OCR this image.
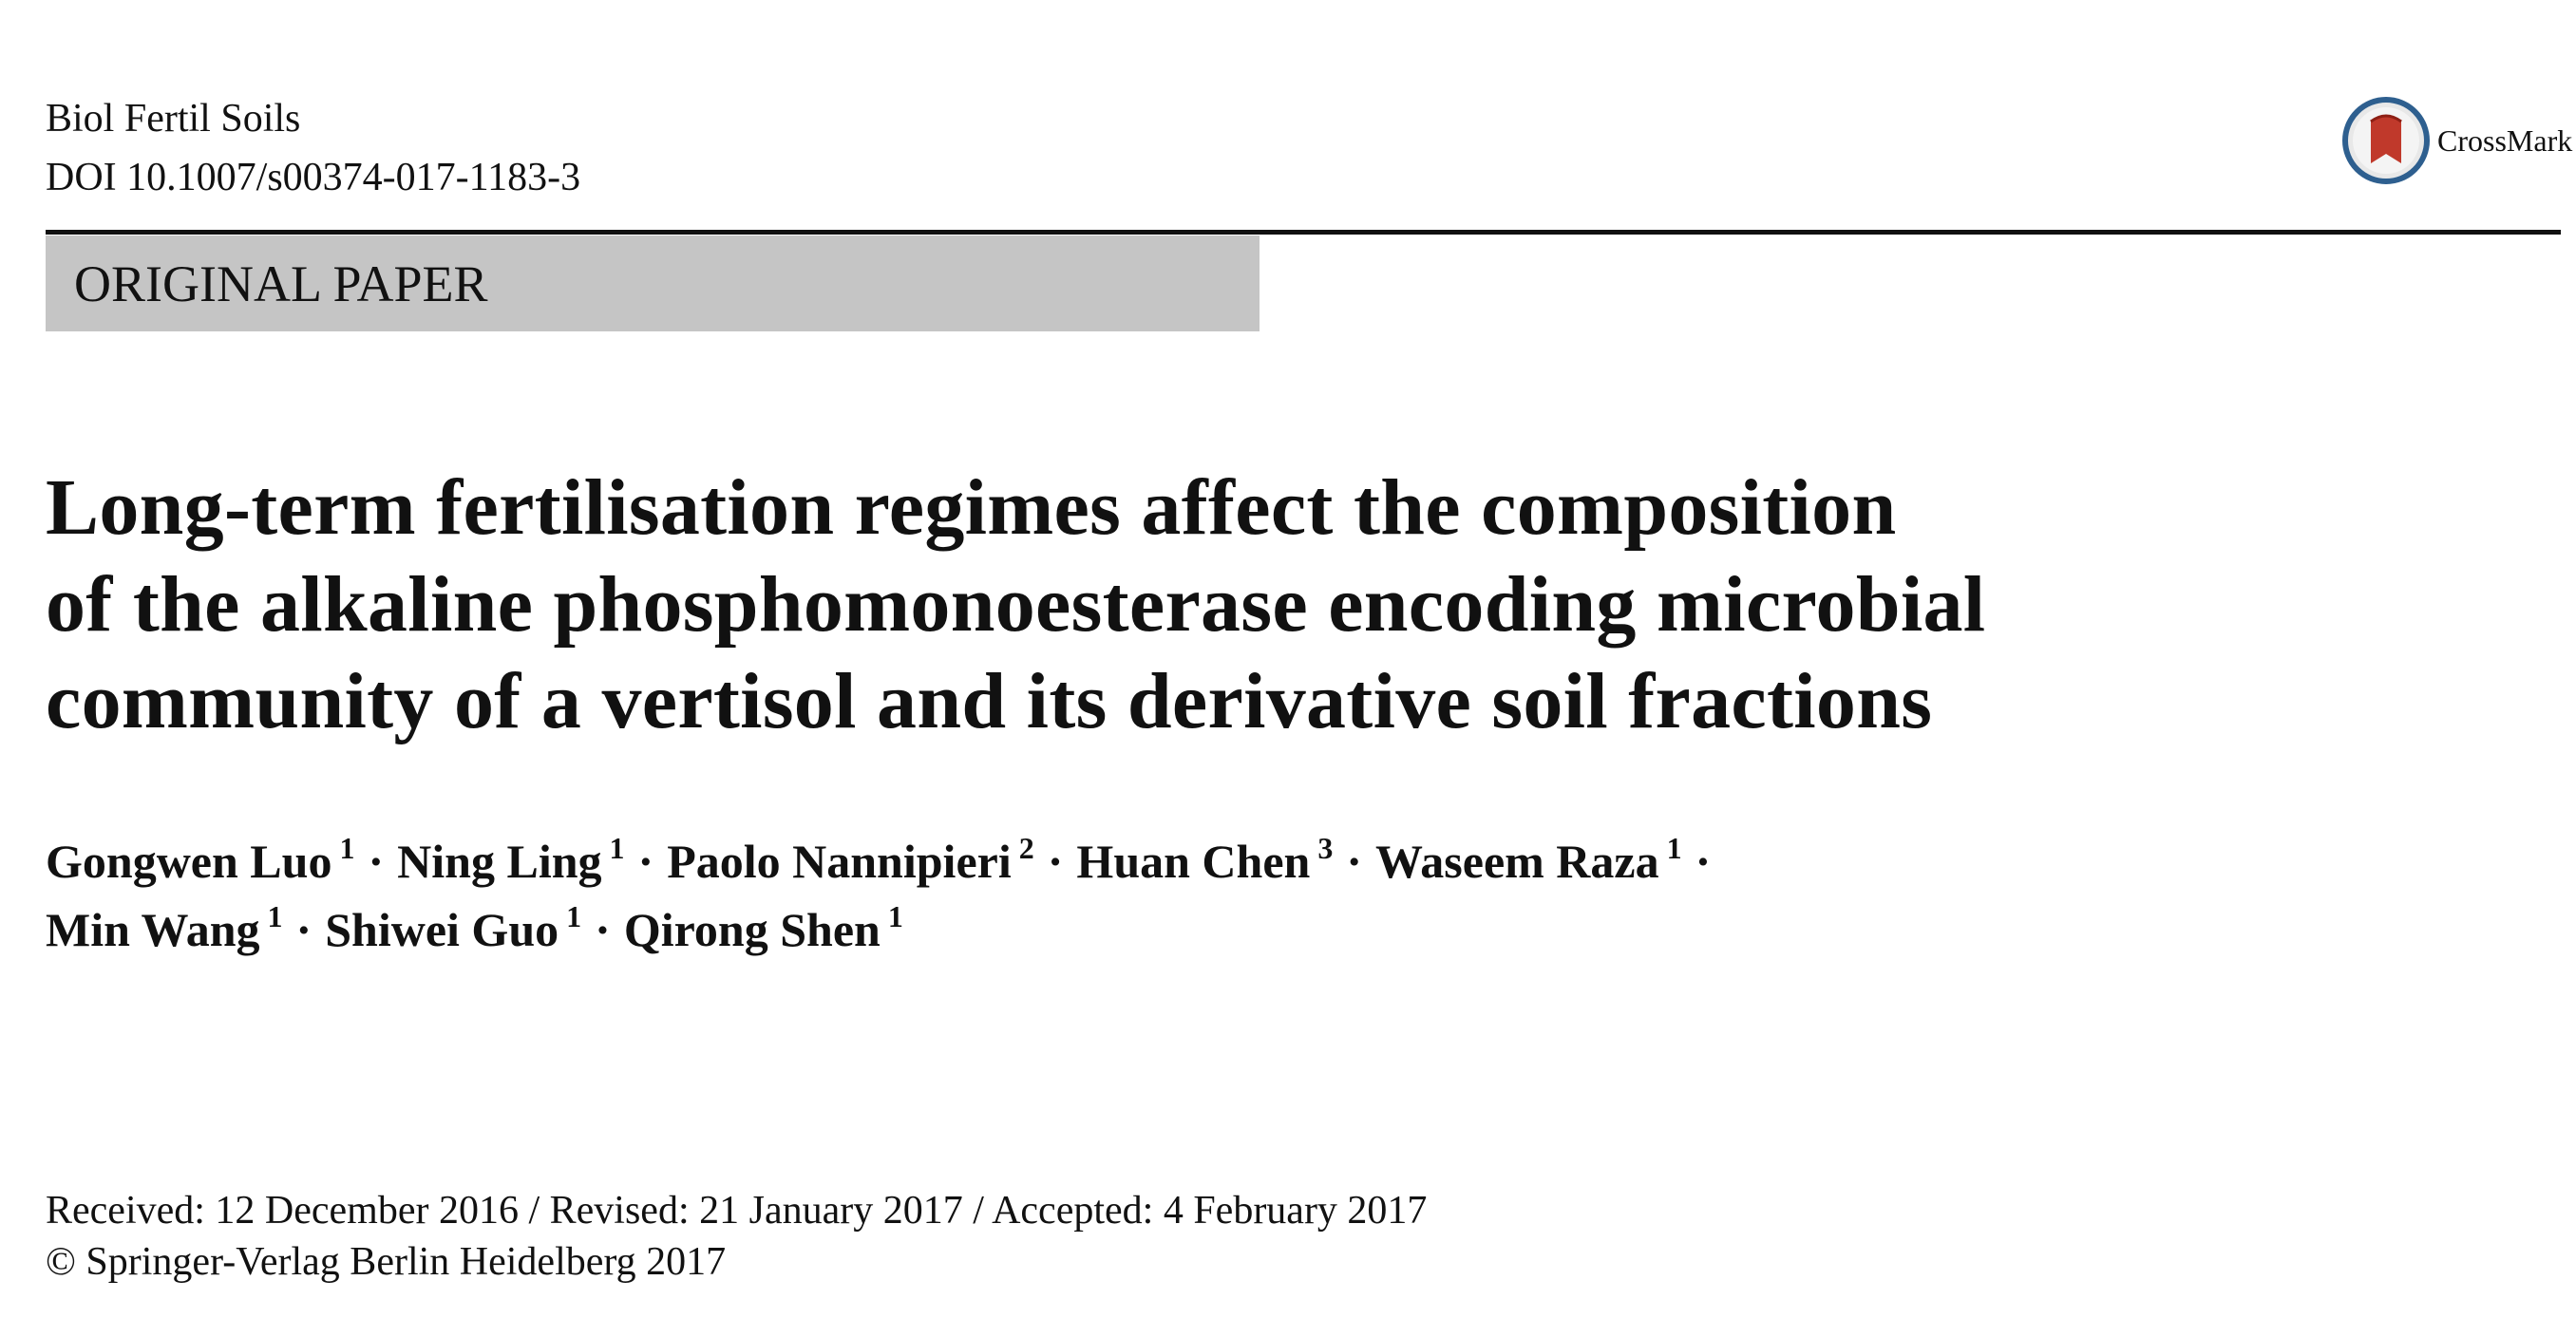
Biol Fertil Soils
DOI 10.1007/s00374-017-1183-3
CrossMark
ORIGINAL PAPER
Long-term fertilisation regimes affect the composition
of the alkaline phosphomonoesterase encoding microbial
community of a vertisol and its derivative soil fractions
Gongwen Luo $^1$ · Ning Ling $^1$ · Paolo Nannipieri $^2$ · Huan Chen $^3$ · Waseem Raza $^1$ ·
Min Wang $^1$ · Shiwei Guo $^1$ · Qirong Shen $^1$
Received: 12 December 2016 / Revised: 21 January 2017 / Accepted: 4 February 2017
© Springer-Verlag Berlin Heidelberg 2017
